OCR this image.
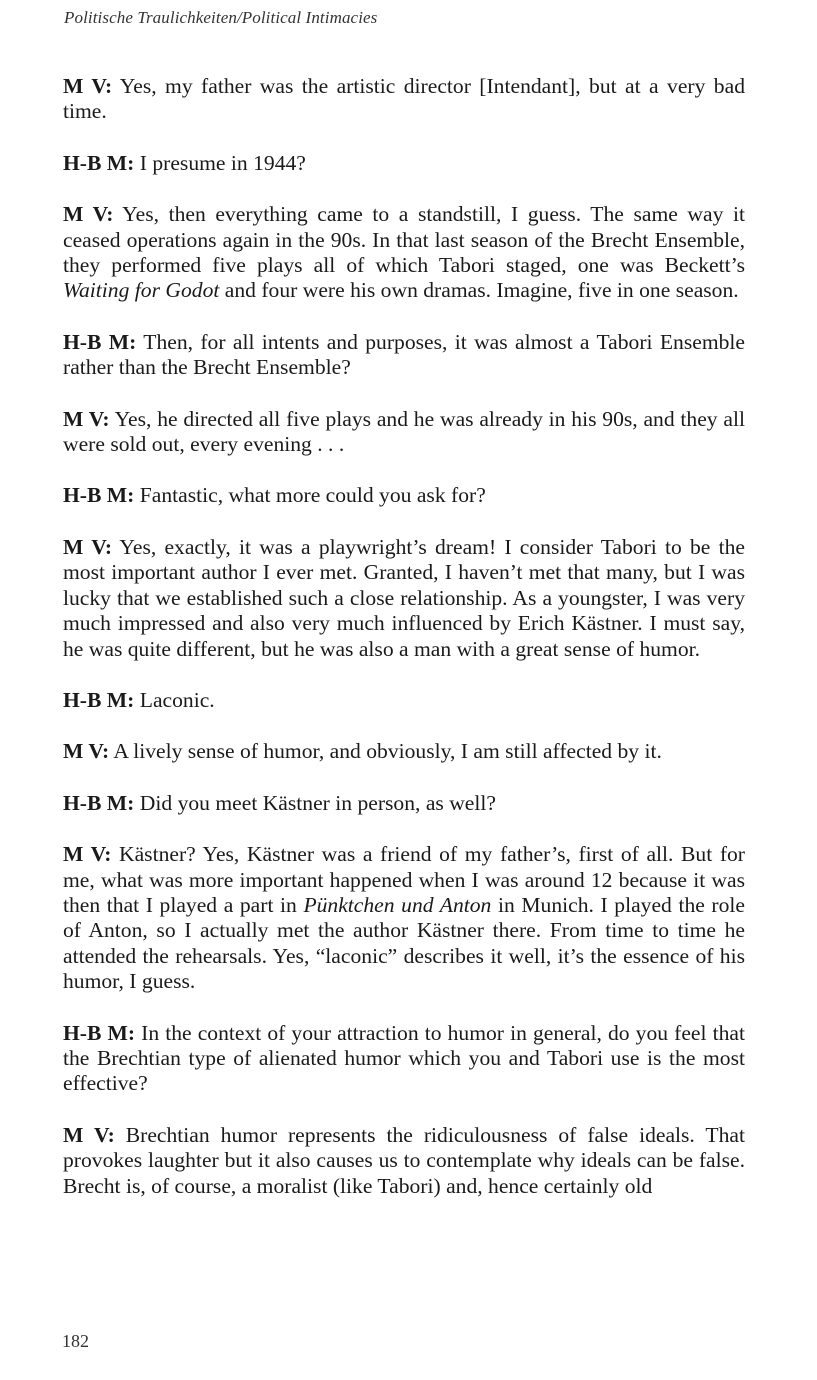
Politische Traulichkeiten/Political Intimacies

M V: Yes, my father was the artistic director [Intendant], but at a very bad time.

H-B M: I presume in 1944?

M V: Yes, then everything came to a standstill, I guess. The same way it ceased operations again in the 90s. In that last season of the Brecht Ensemble, they performed five plays all of which Tabori staged, one was Beckett’s Waiting for Godot and four were his own dramas. Imagine, five in one season.

H-B M: Then, for all intents and purposes, it was almost a Tabori Ensemble rather than the Brecht Ensemble?

M V: Yes, he directed all five plays and he was already in his 90s, and they all were sold out, every evening . . .

H-B M: Fantastic, what more could you ask for?

M V: Yes, exactly, it was a playwright’s dream! I consider Tabori to be the most important author I ever met. Granted, I haven’t met that many, but I was lucky that we established such a close relationship. As a youngster, I was very much impressed and also very much influenced by Erich Kästner. I must say, he was quite different, but he was also a man with a great sense of humor.

H-B M: Laconic.

M V: A lively sense of humor, and obviously, I am still affected by it.

H-B M: Did you meet Kästner in person, as well?

M V: Kästner? Yes, Kästner was a friend of my father’s, first of all. But for me, what was more important happened when I was around 12 because it was then that I played a part in Pünktchen und Anton in Munich. I played the role of Anton, so I actually met the author Kästner there. From time to time he attended the rehearsals. Yes, “laconic” describes it well, it’s the essence of his humor, I guess.

H-B M: In the context of your attraction to humor in general, do you feel that the Brechtian type of alienated humor which you and Tabori use is the most effective?

M V: Brechtian humor represents the ridiculousness of false ideals. That provokes laughter but it also causes us to contemplate why ideals can be false. Brecht is, of course, a moralist (like Tabori) and, hence certainly old

182
